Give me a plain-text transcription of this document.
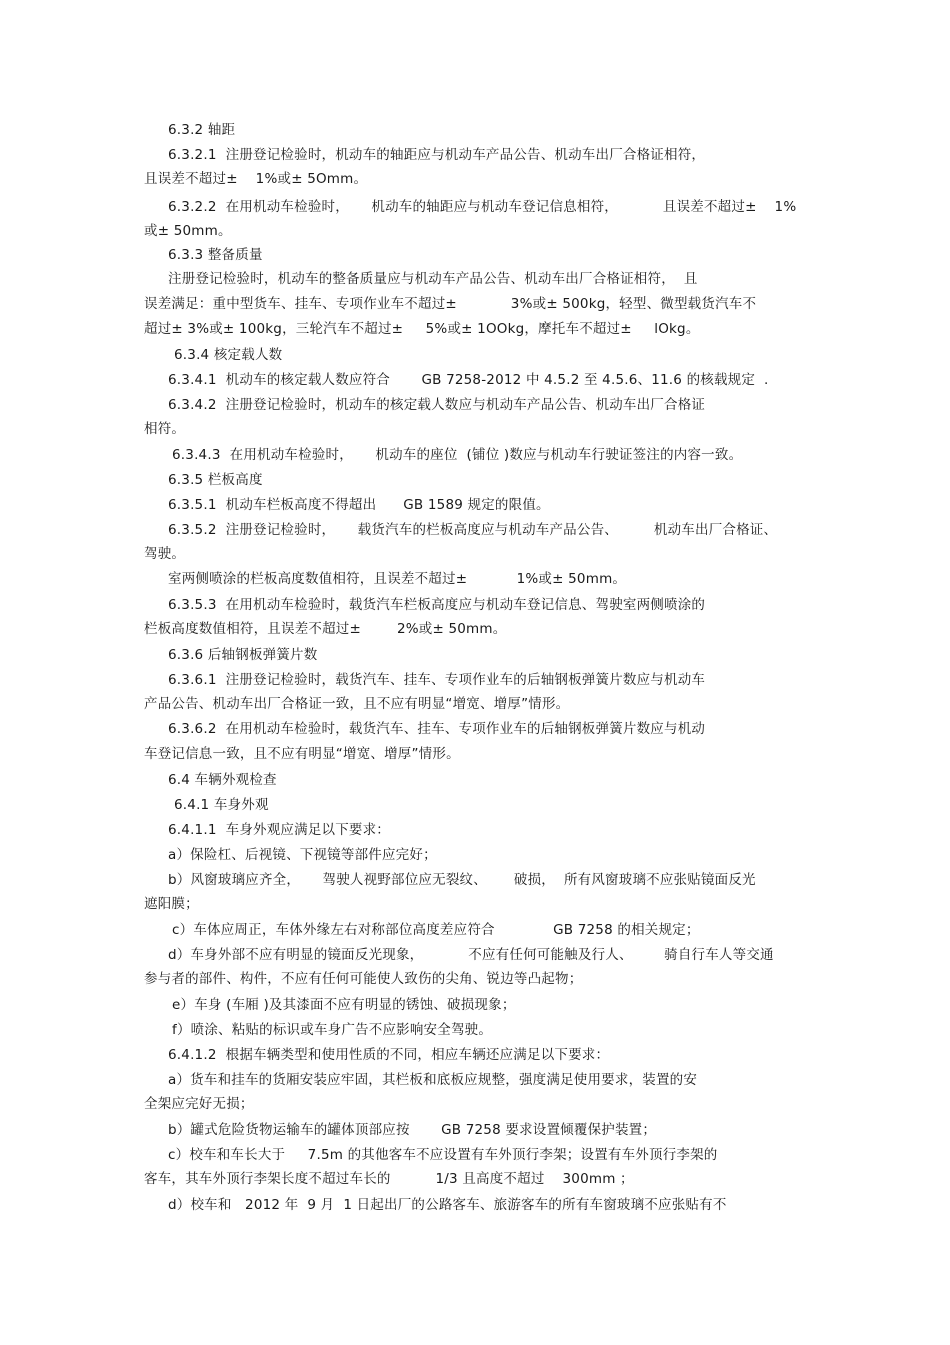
6.3.2 轴距
6.3.2.1  注册登记检验时，机动车的轴距应与机动车产品公告、机动车出厂合格证相符，
且误差不超过±    1%或± 5Omm。
6.3.2.2  在用机动车检验时，     机动车的轴距应与机动车登记信息相符，          且误差不超过±    1%
或± 50mm。
6.3.3 整备质量
注册登记检验时，机动车的整备质量应与机动车产品公告、机动车出厂合格证相符，  且
误差满足：重中型货车、挂车、专项作业车不超过±            3%或± 500kg，轻型、微型载货汽车不
超过± 3%或± 100kg，三轮汽车不超过±     5%或± 1OOkg，摩托车不超过±     lOkg。
6.3.4 核定载人数
6.3.4.1  机动车的核定载人数应符合       GB 7258-2012 中 4.5.2 至 4.5.6、11.6 的核载规定  .
6.3.4.2  注册登记检验时，机动车的核定载人数应与机动车产品公告、机动车出厂合格证
相符。
6.3.4.3  在用机动车检验时，     机动车的座位  (铺位 )数应与机动车行驶证签注的内容一致。
6.3.5 栏板高度
6.3.5.1  机动车栏板高度不得超出      GB 1589 规定的限值。
6.3.5.2  注册登记检验时，     载货汽车的栏板高度应与机动车产品公告、        机动车出厂合格证、
驾驶。
室两侧喷涂的栏板高度数值相符，且误差不超过±           1%或± 50mm。
6.3.5.3  在用机动车检验时，载货汽车栏板高度应与机动车登记信息、驾驶室两侧喷涂的
栏板高度数值相符，且误差不超过±        2%或± 50mm。
6.3.6 后轴钢板弹簧片数
6.3.6.1  注册登记检验时，载货汽车、挂车、专项作业车的后轴钢板弹簧片数应与机动车
产品公告、机动车出厂合格证一致，且不应有明显“增宽、增厚”情形。
6.3.6.2  在用机动车检验时，载货汽车、挂车、专项作业车的后轴钢板弹簧片数应与机动
车登记信息一致，且不应有明显“增宽、增厚”情形。
6.4 车辆外观检查
6.4.1 车身外观
6.4.1.1  车身外观应满足以下要求：
a）保险杠、后视镜、下视镜等部件应完好；
b）风窗玻璃应齐全，     驾驶人视野部位应无裂纹、      破损，  所有风窗玻璃不应张贴镜面反光
遮阳膜；
c）车体应周正，车体外缘左右对称部位高度差应符合             GB 7258 的相关规定；
d）车身外部不应有明显的镜面反光现象，          不应有任何可能触及行人、       骑自行车人等交通
参与者的部件、构件，不应有任何可能使人致伤的尖角、锐边等凸起物；
e）车身 (车厢 )及其漆面不应有明显的锈蚀、破损现象；
f）喷涂、粘贴的标识或车身广告不应影响安全驾驶。
6.4.1.2  根据车辆类型和使用性质的不同，相应车辆还应满足以下要求：
a）货车和挂车的货厢安装应牢固，其栏板和底板应规整，强度满足使用要求，装置的安
全架应完好无损；
b）罐式危险货物运输车的罐体顶部应按       GB 7258 要求设置倾覆保护装置；
c）校车和车长大于     7.5m 的其他客车不应设置有车外顶行李架；设置有车外顶行李架的
客车，其车外顶行李架长度不超过车长的          1/3 且高度不超过    300mm ；
d）校车和   2012 年  9 月  1 日起出厂的公路客车、旅游客车的所有车窗玻璃不应张贴有不
